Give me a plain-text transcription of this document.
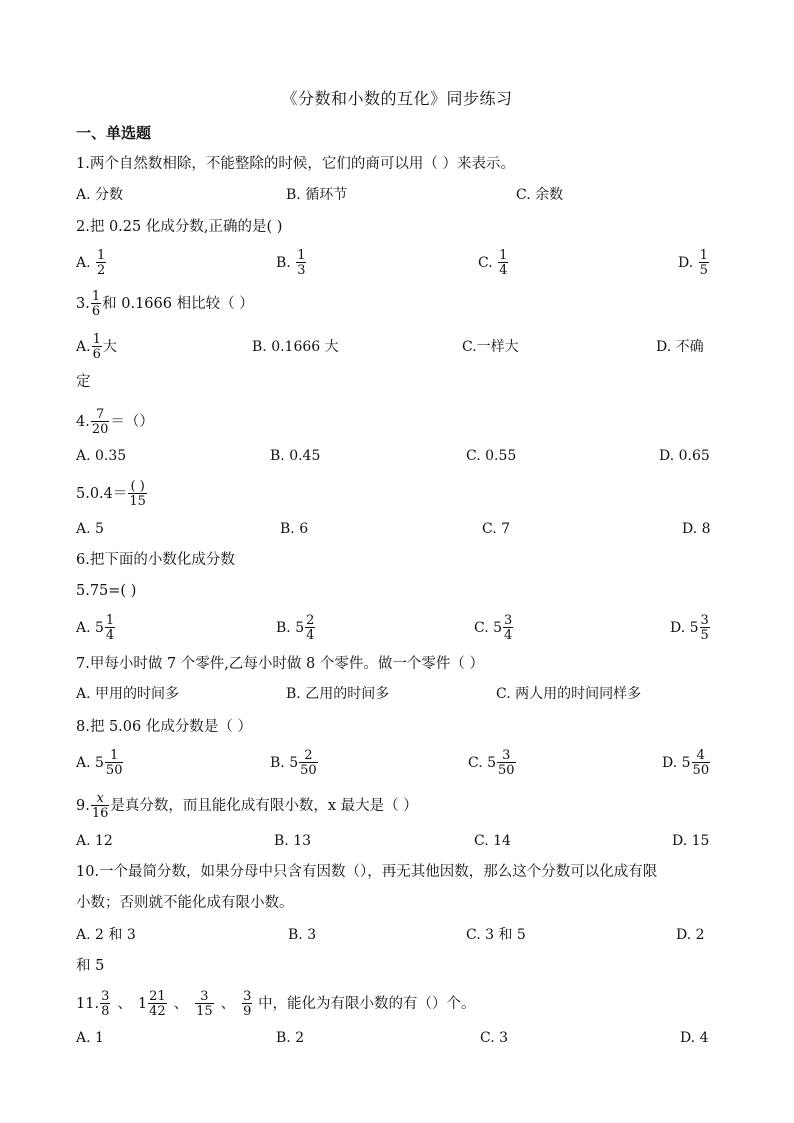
《分数和小数的互化》同步练习
一、单选题
1.两个自然数相除，不能整除的时候，它们的商可以用（ ）来表示。
A. 分数	B. 循环节	C. 余数
2.把 0.25 化成分数,正确的是( )
A. $\frac{1}{2}$	B. $\frac{1}{3}$	C. $\frac{1}{4}$	D. $\frac{1}{5}$
3. $\frac{1}{6}$ 和 0.1666 相比较（ ）
A. $\frac{1}{6}$ 大	B. 0.1666 大	C.一样大	D. 不确
定
4. $\frac{7}{20}$ ＝（）
A. 0.35	B. 0.45	C. 0.55	D. 0.65
$5.0.4= \frac{( )}{15}$
A. 5	B. 6	C. 7	D. 8
6.把下面的小数化成分数
5.75=( )
A. $5 \frac{1}{4}$	B. $5 \frac{2}{4}$	C. $5 \frac{3}{4}$	D. $5 \frac{3}{5}$
7.甲每小时做 7 个零件,乙每小时做 8 个零件。做一个零件（ ）
A. 甲用的时间多	B. 乙用的时间多	C. 两人用的时间同样多
8.把 5.06 化成分数是（ ）
A. $5 \frac{1}{50}$	B. $5 \frac{2}{50}$	C. $5 \frac{3}{50}$	D. $5 \frac{4}{50}$
9. $\frac{x}{16}$ 是真分数，而且能化成有限小数，x 最大是（ ）
A. 12	B. 13	C. 14	D. 15
10.一个最简分数，如果分母中只含有因数（），再无其他因数，那么这个分数可以化成有限
小数；否则就不能化成有限小数。
A. 2 和 3	B. 3	C. 3 和 5	D. 2
和 5
11. $\frac{3}{8}$ 、 $1 \frac{21}{42}$ 、 $\frac{3}{15}$ 、 $\frac{3}{9}$ 中，能化为有限小数的有（）个。
A. 1	B. 2	C. 3	D. 4
